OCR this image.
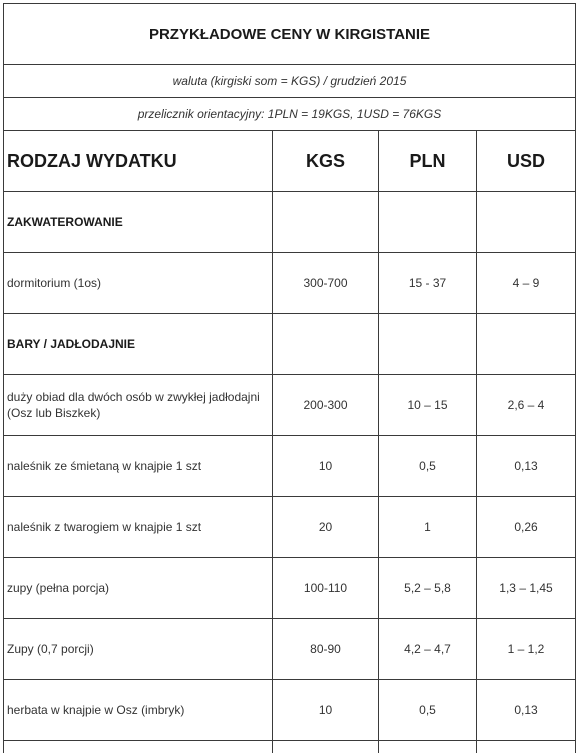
PRZYKŁADOWE CENY W KIRGISTANIE			
waluta (kirgiski som = KGS) / grudzień 2015			
przelicznik orientacyjny: 1PLN = 19KGS, 1USD = 76KGS			
RODZAJ WYDATKU	KGS	PLN	USD
ZAKWATEROWANIE			
dormitorium (1os)	300-700	15 - 37	4 – 9
BARY / JADŁODAJNIE			
duży obiad dla dwóch osób w zwykłej jadłodajni (Osz lub Biszkek)	200-300	10 – 15	2,6 – 4
naleśnik ze śmietaną w knajpie 1 szt	10	0,5	0,13
naleśnik z twarogiem w knajpie 1 szt	20	1	0,26
zupy (pełna porcja)	100-110	5,2 – 5,8	1,3 – 1,45
Zupy (0,7 porcji)	80-90	4,2 – 4,7	1 – 1,2
herbata w knajpie w Osz (imbryk)	10	0,5	0,13
